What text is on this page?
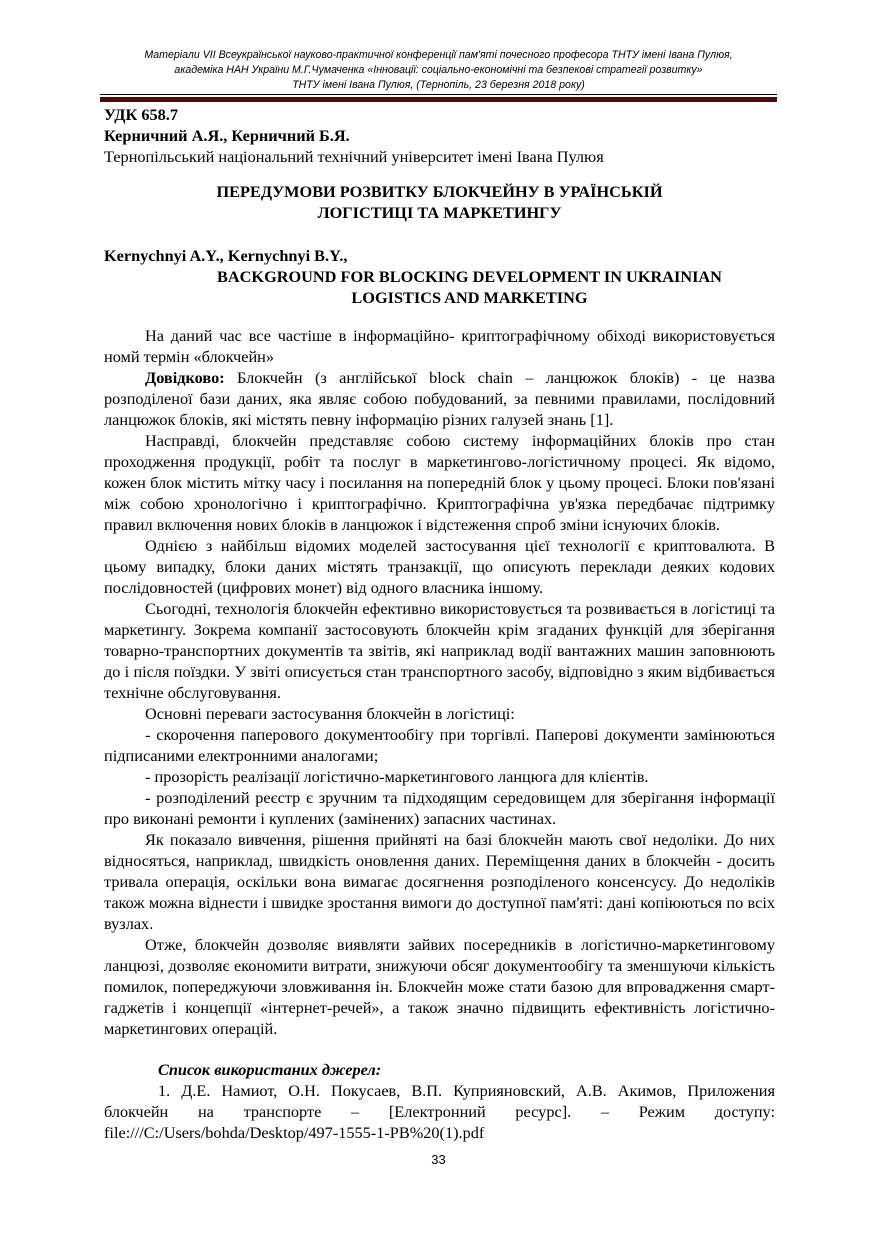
Матеріали VII Всеукраїнської науково-практичної конференції пам'яті почесного професора ТНТУ імені Івана Пулюя,
академіка НАН України М.Г.Чумаченка «Інновації: соціально-економічні та безпекові стратегії розвитку»
ТНТУ імені Івана Пулюя, (Тернопіль, 23 березня 2018 року)

УДК 658.7

Керничний А.Я., Керничний Б.Я.

Тернопільський національний технічний університет імені Івана Пулюя

ПЕРЕДУМОВИ РОЗВИТКУ БЛОКЧЕЙНУ В УРАЇНСЬКІЙ

ЛОГІСТИЦІ ТА МАРКЕТИНГУ

Kernychnyi A.Y., Kernychnyi B.Y.,

BACKGROUND FOR BLOCKING DEVELOPMENT IN UKRAINIAN

LOGISTICS AND MARKETING

На даний час все частіше в інформаційно- криптографічному обіході використовується номй термін «блокчейн»

Довідково: Блокчейн (з англійської block chain – ланцюжок блоків) - це назва розподіленої бази даних, яка являє собою побудований, за певними правилами, послідовний ланцюжок блоків, які містять певну інформацію різних галузей знань [1].

Насправді, блокчейн представляє собою систему інформаційних блоків про стан проходження продукції, робіт та послуг в маркетингово-логістичному процесі. Як відомо, кожен блок містить мітку часу і посилання на попередній блок у цьому процесі. Блоки пов'язані між собою хронологічно і криптографічно. Криптографічна ув'язка передбачає підтримку правил включення нових блоків в ланцюжок і відстеження спроб зміни існуючих блоків.

Однією з найбільш відомих моделей застосування цієї технології є криптовалюта. В цьому випадку, блоки даних містять транзакції, що описують переклади деяких кодових послідовностей (цифрових монет) від одного власника іншому.

Сьогодні, технологія блокчейн ефективно використовується та розвивається в логістиці та маркетингу. Зокрема компанії застосовують блокчейн крім згаданих функцій для зберігання товарно-транспортних документів та звітів, які наприклад водії вантажних машин заповнюють до і після поїздки. У звіті описується стан транспортного засобу, відповідно з яким відбивається технічне обслуговування.

Основні переваги застосування блокчейн в логістиці:

- скорочення паперового документообігу при торгівлі. Паперові документи замінюються підписаними електронними аналогами;

- прозорість реалізації логістично-маркетингового ланцюга для клієнтів.

- розподілений реєстр є зручним та підходящим середовищем для зберігання інформації про виконані ремонти і куплених (замінених) запасних частинах.

Як показало вивчення, рішення прийняті на базі блокчейн мають свої недоліки. До них відносяться, наприклад, швидкість оновлення даних. Переміщення даних в блокчейн - досить тривала операція, оскільки вона вимагає досягнення розподіленого консенсусу. До недоліків також можна віднести і швидке зростання вимоги до доступної пам'яті: дані копіюються по всіх вузлах.

Отже, блокчейн дозволяє виявляти зайвих посередників в логістично-маркетинговому ланцюзі, дозволяє економити витрати, знижуючи обсяг документообігу та зменшуючи кількість помилок, попереджуючи зловживання ін. Блокчейн може стати базою для впровадження смарт-гаджетів і концепції «інтернет-речей», а також значно підвищить ефективність логістично-маркетингових операцій.

Список використаних джерел:

1. Д.Е. Намиот, О.Н. Покусаев, В.П. Куприяновский, А.В. Акимов, Приложения блокчейн на транспорте – [Електронний ресурс]. – Режим доступу: file:///C:/Users/bohda/Desktop/497-1555-1-PB%20(1).pdf

33
